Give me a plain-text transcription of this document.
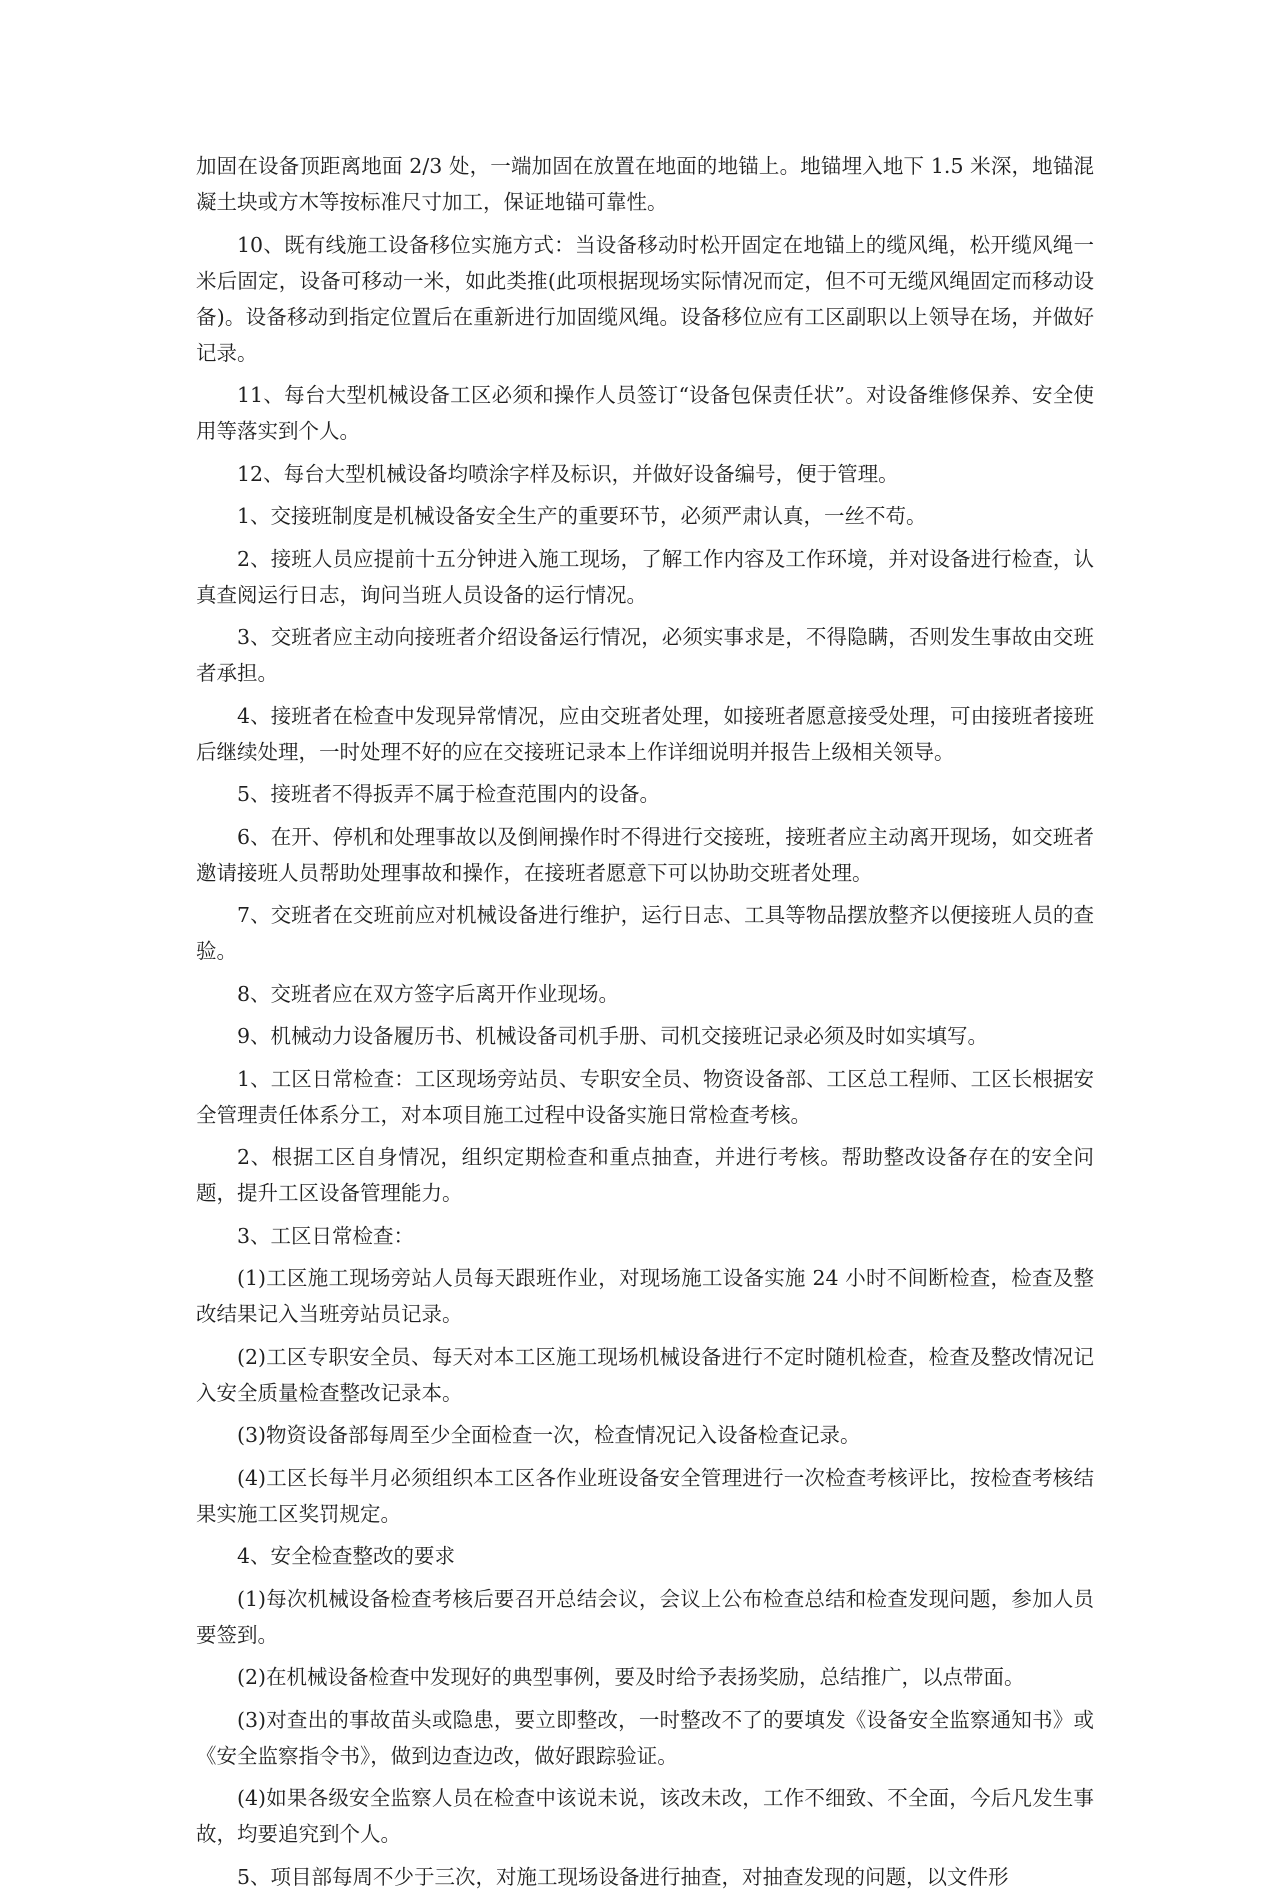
加固在设备顶距离地面 2/3 处，一端加固在放置在地面的地锚上。地锚埋入地下 1.5 米深，地锚混凝土块或方木等按标准尺寸加工，保证地锚可靠性。

10、既有线施工设备移位实施方式：当设备移动时松开固定在地锚上的缆风绳，松开缆风绳一米后固定，设备可移动一米，如此类推(此项根据现场实际情况而定，但不可无缆风绳固定而移动设备)。设备移动到指定位置后在重新进行加固缆风绳。设备移位应有工区副职以上领导在场，并做好记录。

11、每台大型机械设备工区必须和操作人员签订“设备包保责任状”。对设备维修保养、安全使用等落实到个人。

12、每台大型机械设备均喷涂字样及标识，并做好设备编号，便于管理。

1、交接班制度是机械设备安全生产的重要环节，必须严肃认真，一丝不苟。

2、接班人员应提前十五分钟进入施工现场，了解工作内容及工作环境，并对设备进行检查，认真查阅运行日志，询问当班人员设备的运行情况。

3、交班者应主动向接班者介绍设备运行情况，必须实事求是，不得隐瞒，否则发生事故由交班者承担。

4、接班者在检查中发现异常情况，应由交班者处理，如接班者愿意接受处理，可由接班者接班后继续处理，一时处理不好的应在交接班记录本上作详细说明并报告上级相关领导。

5、接班者不得扳弄不属于检查范围内的设备。

6、在开、停机和处理事故以及倒闸操作时不得进行交接班，接班者应主动离开现场，如交班者邀请接班人员帮助处理事故和操作，在接班者愿意下可以协助交班者处理。

7、交班者在交班前应对机械设备进行维护，运行日志、工具等物品摆放整齐以便接班人员的查验。

8、交班者应在双方签字后离开作业现场。

9、机械动力设备履历书、机械设备司机手册、司机交接班记录必须及时如实填写。

1、工区日常检查：工区现场旁站员、专职安全员、物资设备部、工区总工程师、工区长根据安全管理责任体系分工，对本项目施工过程中设备实施日常检查考核。

2、根据工区自身情况，组织定期检查和重点抽查，并进行考核。帮助整改设备存在的安全问题，提升工区设备管理能力。

3、工区日常检查：

(1)工区施工现场旁站人员每天跟班作业，对现场施工设备实施 24 小时不间断检查，检查及整改结果记入当班旁站员记录。

(2)工区专职安全员、每天对本工区施工现场机械设备进行不定时随机检查，检查及整改情况记入安全质量检查整改记录本。

(3)物资设备部每周至少全面检查一次，检查情况记入设备检查记录。

(4)工区长每半月必须组织本工区各作业班设备安全管理进行一次检查考核评比，按检查考核结果实施工区奖罚规定。

4、安全检查整改的要求

(1)每次机械设备检查考核后要召开总结会议，会议上公布检查总结和检查发现问题，参加人员要签到。

(2)在机械设备检查中发现好的典型事例，要及时给予表扬奖励，总结推广，以点带面。

(3)对查出的事故苗头或隐患，要立即整改，一时整改不了的要填发《设备安全监察通知书》或《安全监察指令书》，做到边查边改，做好跟踪验证。

(4)如果各级安全监察人员在检查中该说未说，该改未改，工作不细致、不全面，今后凡发生事故，均要追究到个人。

5、项目部每周不少于三次，对施工现场设备进行抽查，对抽查发现的问题，以文件形
